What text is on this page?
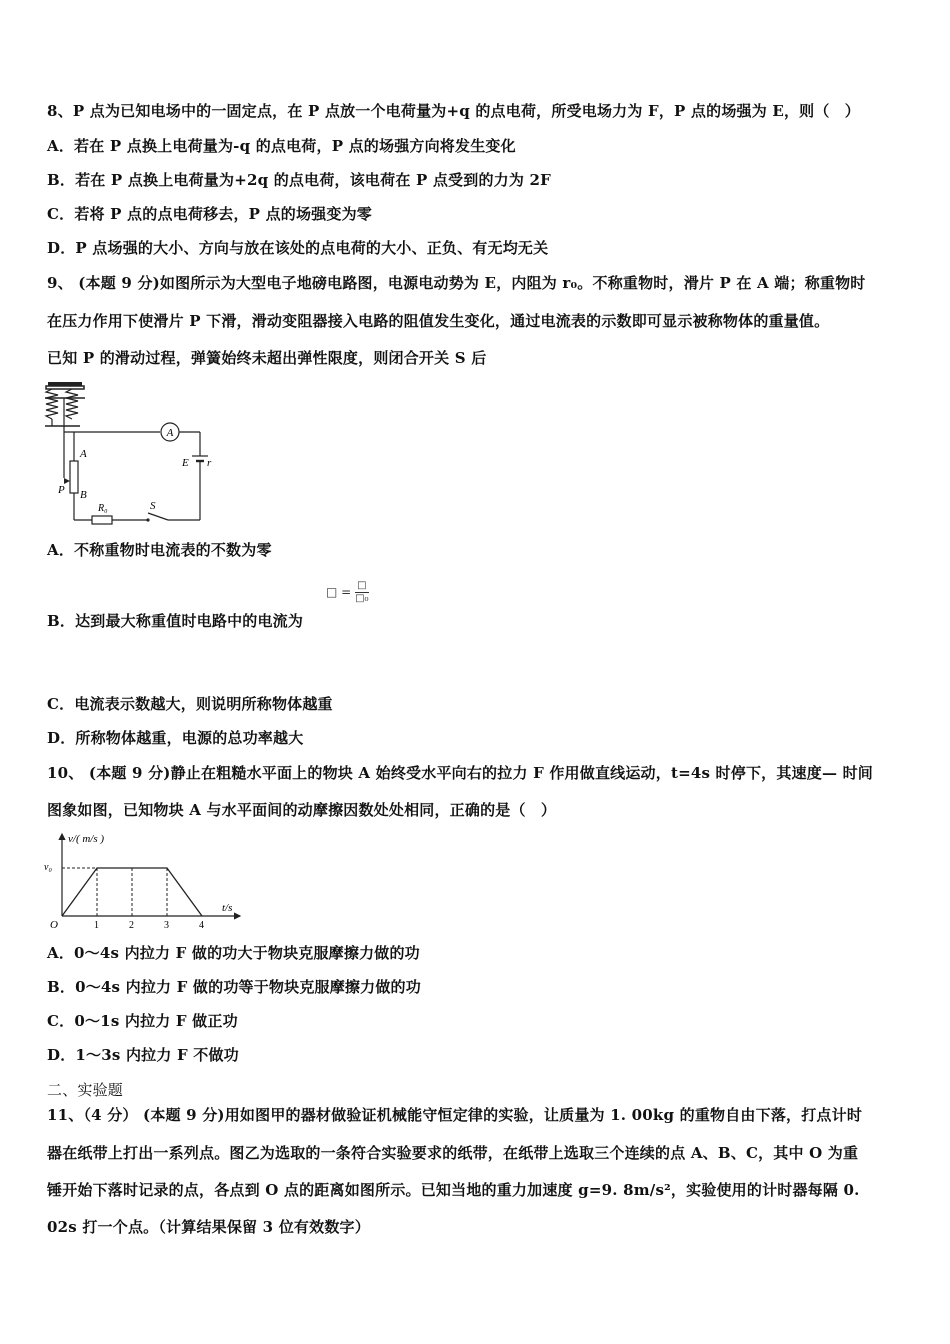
8、P 点为已知电场中的一固定点，在 P 点放一个电荷量为+q 的点电荷，所受电场力为 F，P 点的场强为 E，则（　）
A．若在 P 点换上电荷量为-q 的点电荷，P 点的场强方向将发生变化
B．若在 P 点换上电荷量为+2q 的点电荷，该电荷在 P 点受到的力为 2F
C．若将 P 点的点电荷移去，P 点的场强变为零
D．P 点场强的大小、方向与放在该处的点电荷的大小、正负、有无均无关
9、 (本题 9 分)如图所示为大型电子地磅电路图，电源电动势为 E，内阻为 r₀。不称重物时，滑片 P 在 A 端；称重物时
在压力作用下使滑片 P 下滑，滑动变阻器接入电路的阻值发生变化，通过电流表的示数即可显示被称物体的重量值。
已知 P 的滑动过程，弹簧始终未超出弹性限度，则闭合开关 S 后
A
E r
S
R₀
A
B
P
A．不称重物时电流表的不数为零
□ = $\frac{□}{\text{□₀}}$
B．达到最大称重值时电路中的电流为
C．电流表示数越大，则说明所称物体越重
D．所称物体越重，电源的总功率越大
10、 (本题 9 分)静止在粗糙水平面上的物块 A 始终受水平向右的拉力 F 作用做直线运动，t=4s 时停下，其速度— 时间
图象如图，已知物块 A 与水平面间的动摩擦因数处处相同，正确的是（　）
v/( m/s )
t/s
O
v₀
1	2	3	4
A．0～4s 内拉力 F 做的功大于物块克服摩擦力做的功
B．0～4s 内拉力 F 做的功等于物块克服摩擦力做的功
C．0～1s 内拉力 F 做正功
D．1～3s 内拉力 F 不做功
二、实验题
11、（4 分） (本题 9 分)用如图甲的器材做验证机械能守恒定律的实验，让质量为 1. 00kg 的重物自由下落，打点计时
器在纸带上打出一系列点。图乙为选取的一条符合实验要求的纸带，在纸带上选取三个连续的点 A、B、C，其中 O 为重
锤开始下落时记录的点，各点到 O 点的距离如图所示。已知当地的重力加速度 g=9. 8m/s²，实验使用的计时器每隔 0.
02s 打一个点。（计算结果保留 3 位有效数字）
